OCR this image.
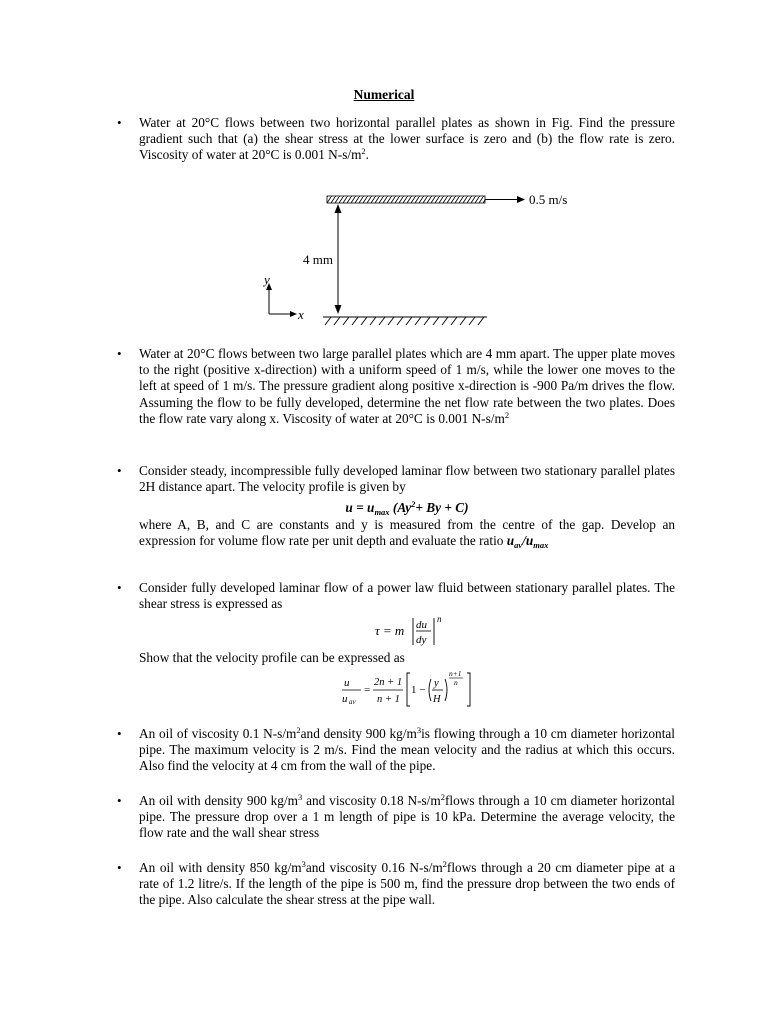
Numerical
• Water at 20°C flows between two horizontal parallel plates as shown in Fig. Find the pressure gradient such that (a) the shear stress at the lower surface is zero and (b) the flow rate is zero. Viscosity of water at 20°C is 0.001 $N-s/m^2$.

0.5 m/s
4 mm
y
x
• Water at 20°C flows between two large parallel plates which are 4 mm apart. The upper plate moves to the right (positive x-direction) with a uniform speed of 1 m/s, while the lower one moves to the left at speed of 1 m/s. The pressure gradient along positive x-direction is -900 Pa/m drives the flow. Assuming the flow to be fully developed, determine the net flow rate between the two plates. Does the flow rate vary along x. Viscosity of water at 20°C is 0.001 $N-s/m^2$

• Consider steady, incompressible fully developed laminar flow between two stationary parallel plates 2H distance apart. The velocity profile is given by

$u = u_{max}$ $(Ay^2+ By + C)$

where A, B, and C are constants and y is measured from the centre of the gap. Develop an expression for volume flow rate per unit depth and evaluate the ratio $u_{av}/u_{max}$

• Consider fully developed laminar flow of a power law fluid between stationary parallel plates. The shear stress is expressed as

τ = m du
dy
n

Show that the velocity profile can be expressed as

u
u av
=
2n + 1
n + 1
1 −
y
H
n+1
n
• An oil of viscosity 0.1 $N-s/m^2and$ density 900 $kg/m^3is$ flowing through a 10 cm diameter horizontal pipe. The maximum velocity is 2 m/s. Find the mean velocity and the radius at which this occurs. Also find the velocity at 4 cm from the wall of the pipe.

• An oil with density 900 $kg/m^3$ and viscosity 0.18 $N-s/m^2flows$ through a 10 cm diameter horizontal pipe. The pressure drop over a 1 m length of pipe is 10 kPa. Determine the average velocity, the flow rate and the wall shear stress

• An oil with density 850 $kg/m^3and$ viscosity 0.16 $N-s/m^2flows$ through a 20 cm diameter pipe at a rate of 1.2 litre/s. If the length of the pipe is 500 m, find the pressure drop between the two ends of the pipe. Also calculate the shear stress at the pipe wall.
